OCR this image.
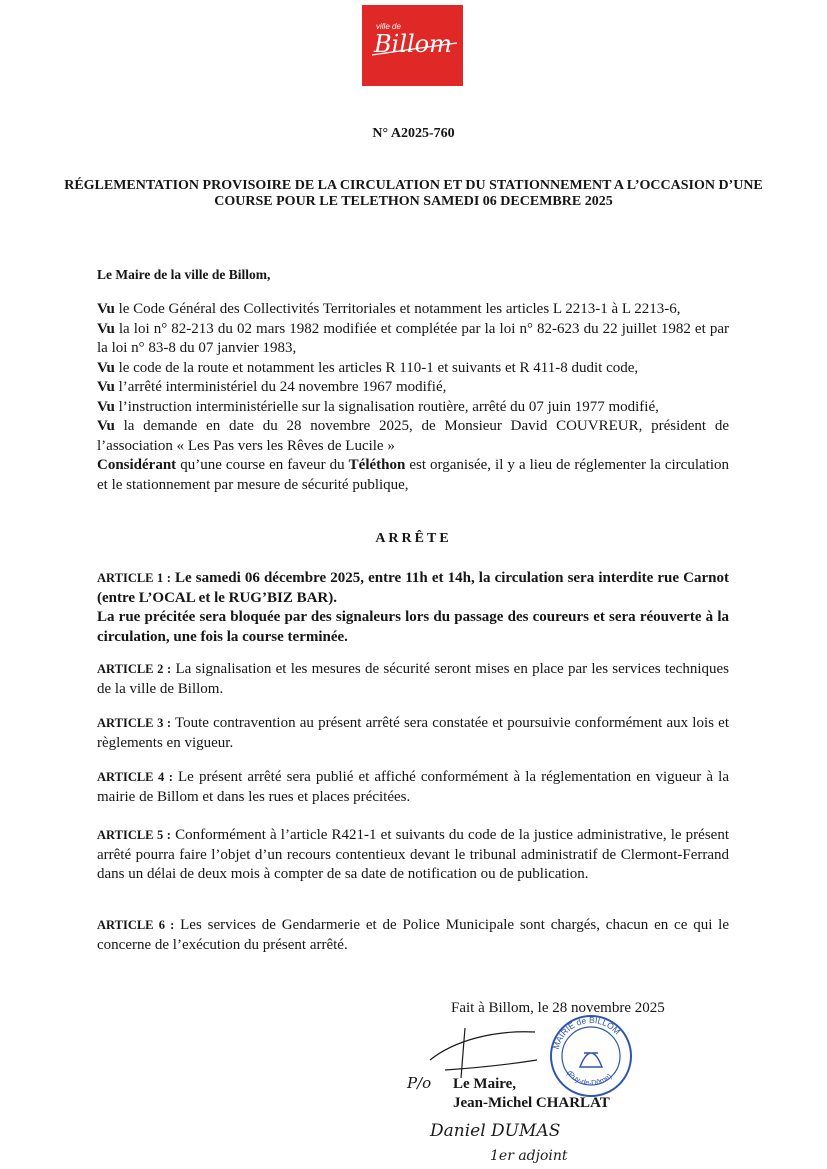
ville de
Billom
N° A2025-760
RÉGLEMENTATION PROVISOIRE DE LA CIRCULATION ET DU STATIONNEMENT A L’OCCASION D’UNE COURSE POUR LE TELETHON SAMEDI 06 DECEMBRE 2025
Le Maire de la ville de Billom,

Vu le Code Général des Collectivités Territoriales et notamment les articles L 2213-1 à L 2213-6,

Vu la loi n° 82-213 du 02 mars 1982 modifiée et complétée par la loi n° 82-623 du 22 juillet 1982 et par la loi n° 83-8 du 07 janvier 1983,

Vu le code de la route et notamment les articles R 110-1 et suivants et R 411-8 dudit code,

Vu l’arrêté interministériel du 24 novembre 1967 modifié,

Vu l’instruction interministérielle sur la signalisation routière, arrêté du 07 juin 1977 modifié,

Vu la demande en date du 28 novembre 2025, de Monsieur David COUVREUR, président de l’association « Les Pas vers les Rêves de Lucile »

Considérant qu’une course en faveur du Téléthon est organisée, il y a lieu de réglementer la circulation et le stationnement par mesure de sécurité publique,

ARRÊTE

ARTICLE 1 : Le samedi 06 décembre 2025, entre 11h et 14h, la circulation sera interdite rue Carnot (entre L’OCAL et le RUG’BIZ BAR).
La rue précitée sera bloquée par des signaleurs lors du passage des coureurs et sera réouverte à la circulation, une fois la course terminée.

ARTICLE 2 : La signalisation et les mesures de sécurité seront mises en place par les services techniques de la ville de Billom.

ARTICLE 3 : Toute contravention au présent arrêté sera constatée et poursuivie conformément aux lois et règlements en vigueur.

ARTICLE 4 : Le présent arrêté sera publié et affiché conformément à la réglementation en vigueur à la mairie de Billom et dans les rues et places précitées.

ARTICLE 5 : Conformément à l’article R421-1 et suivants du code de la justice administrative, le présent arrêté pourra faire l’objet d’un recours contentieux devant le tribunal administratif de Clermont-Ferrand dans un délai de deux mois à compter de sa date de notification ou de publication.

ARTICLE 6 : Les services de Gendarmerie et de Police Municipale sont chargés, chacun en ce qui le concerne de l’exécution du présent arrêté.

Fait à Billom, le 28 novembre 2025
MAIRIE de BILLOM
(Puy-de-Dôme)
P/o Le Maire,
Jean-Michel CHARLAT
Daniel DUMAS
1er adjoint
